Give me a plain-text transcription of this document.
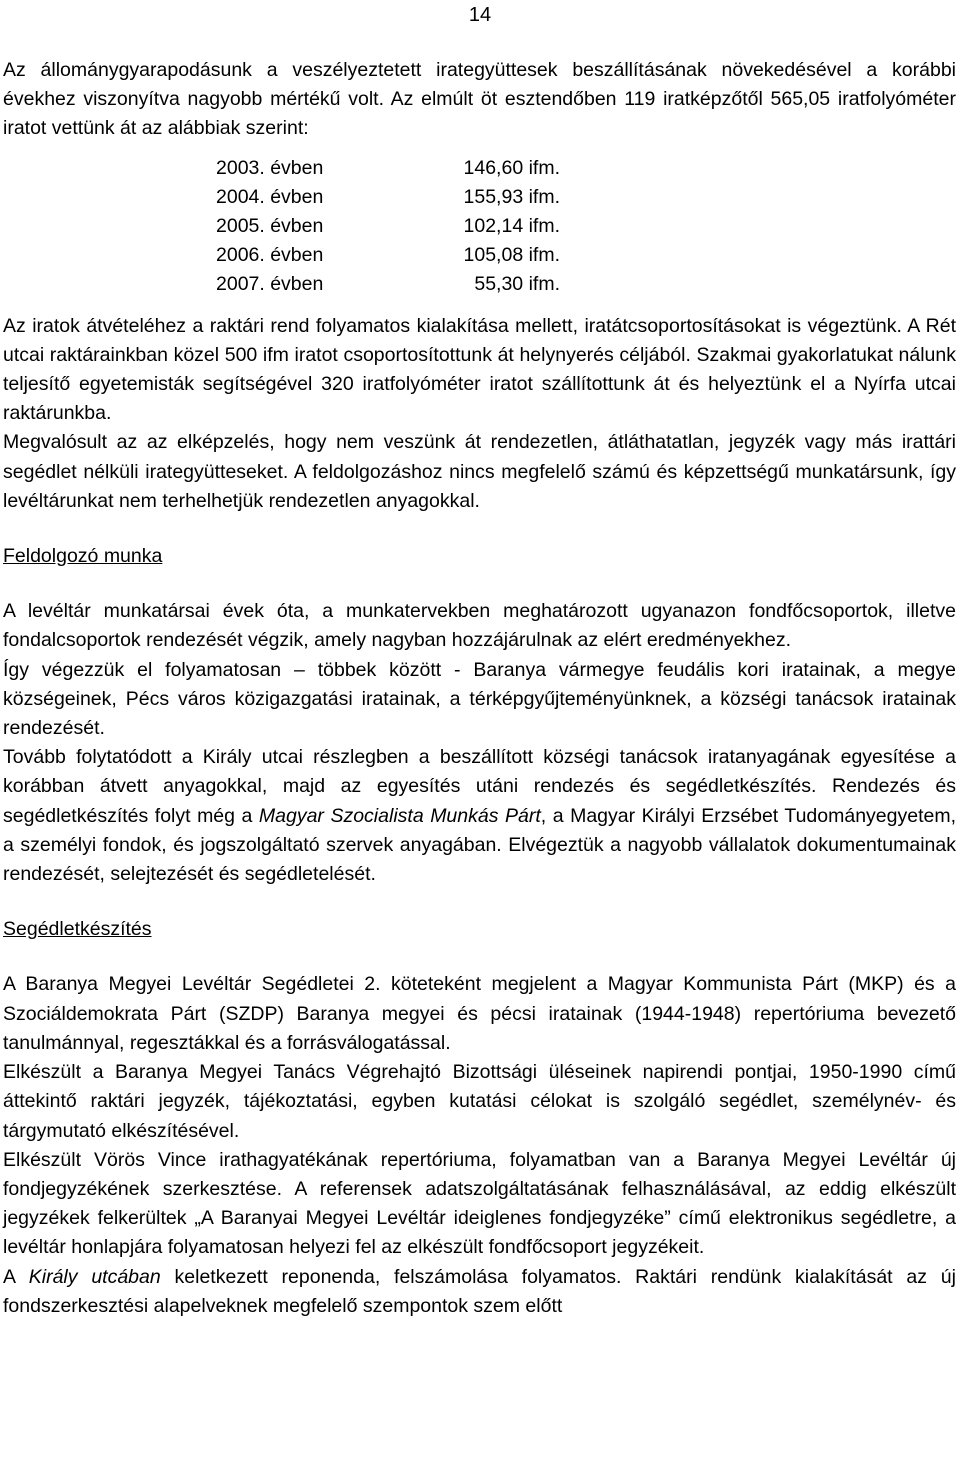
14

Az állománygyarapodásunk a veszélyeztetett irategyüttesek beszállításának növekedésével a korábbi évekhez viszonyítva nagyobb mértékű volt. Az elmúlt öt esztendőben 119 iratképzőtől 565,05 iratfolyóméter iratot vettünk át az alábbiak szerint:

2003. évben	146,60 ifm.
2004. évben	155,93 ifm.
2005. évben	102,14 ifm.
2006. évben	105,08 ifm.
2007. évben	55,30 ifm.

Az iratok átvételéhez a raktári rend folyamatos kialakítása mellett, iratátcsoportosításokat is végeztünk. A Rét utcai raktárainkban közel 500 ifm iratot csoportosítottunk át helynyerés céljából. Szakmai gyakorlatukat nálunk teljesítő egyetemisták segítségével 320 iratfolyóméter iratot szállítottunk át és helyeztünk el a Nyírfa utcai raktárunkba.

Megvalósult az az elképzelés, hogy nem veszünk át rendezetlen, átláthatatlan, jegyzék vagy más irattári segédlet nélküli irategyütteseket. A feldolgozáshoz nincs megfelelő számú és képzettségű munkatársunk, így levéltárunkat nem terhelhetjük rendezetlen anyagokkal.

Feldolgozó munka

A levéltár munkatársai évek óta, a munkatervekben meghatározott ugyanazon fondfőcsoportok, illetve fondalcsoportok rendezését végzik, amely nagyban hozzájárulnak az elért eredményekhez.

Így végezzük el folyamatosan – többek között - Baranya vármegye feudális kori iratainak, a megye községeinek, Pécs város közigazgatási iratainak, a térképgyűjteményünknek, a községi tanácsok iratainak rendezését.

Tovább folytatódott a Király utcai részlegben a beszállított községi tanácsok iratanyagának egyesítése a korábban átvett anyagokkal, majd az egyesítés utáni rendezés és segédletkészítés. Rendezés és segédletkészítés folyt még a Magyar Szocialista Munkás Párt, a Magyar Királyi Erzsébet Tudományegyetem, a személyi fondok, és jogszolgáltató szervek anyagában. Elvégeztük a nagyobb vállalatok dokumentumainak rendezését, selejtezését és segédletelését.

Segédletkészítés

A Baranya Megyei Levéltár Segédletei 2. köteteként megjelent a Magyar Kommunista Párt (MKP) és a Szociáldemokrata Párt (SZDP) Baranya megyei és pécsi iratainak (1944-1948) repertóriuma bevezető tanulmánnyal, regesztákkal és a forrásválogatással.

Elkészült a Baranya Megyei Tanács Végrehajtó Bizottsági üléseinek napirendi pontjai, 1950-1990 című áttekintő raktári jegyzék, tájékoztatási, egyben kutatási célokat is szolgáló segédlet, személynév- és tárgymutató elkészítésével.

Elkészült Vörös Vince irathagyatékának repertóriuma, folyamatban van a Baranya Megyei Levéltár új fondjegyzékének szerkesztése. A referensek adatszolgáltatásának felhasználásával, az eddig elkészült jegyzékek felkerültek „A Baranyai Megyei Levéltár ideiglenes fondjegyzéke” című elektronikus segédletre, a levéltár honlapjára folyamatosan helyezi fel az elkészült fondfőcsoport jegyzékeit.

A Király utcában keletkezett reponenda, felszámolása folyamatos. Raktári rendünk kialakítását az új fondszerkesztési alapelveknek megfelelő szempontok szem előtt
